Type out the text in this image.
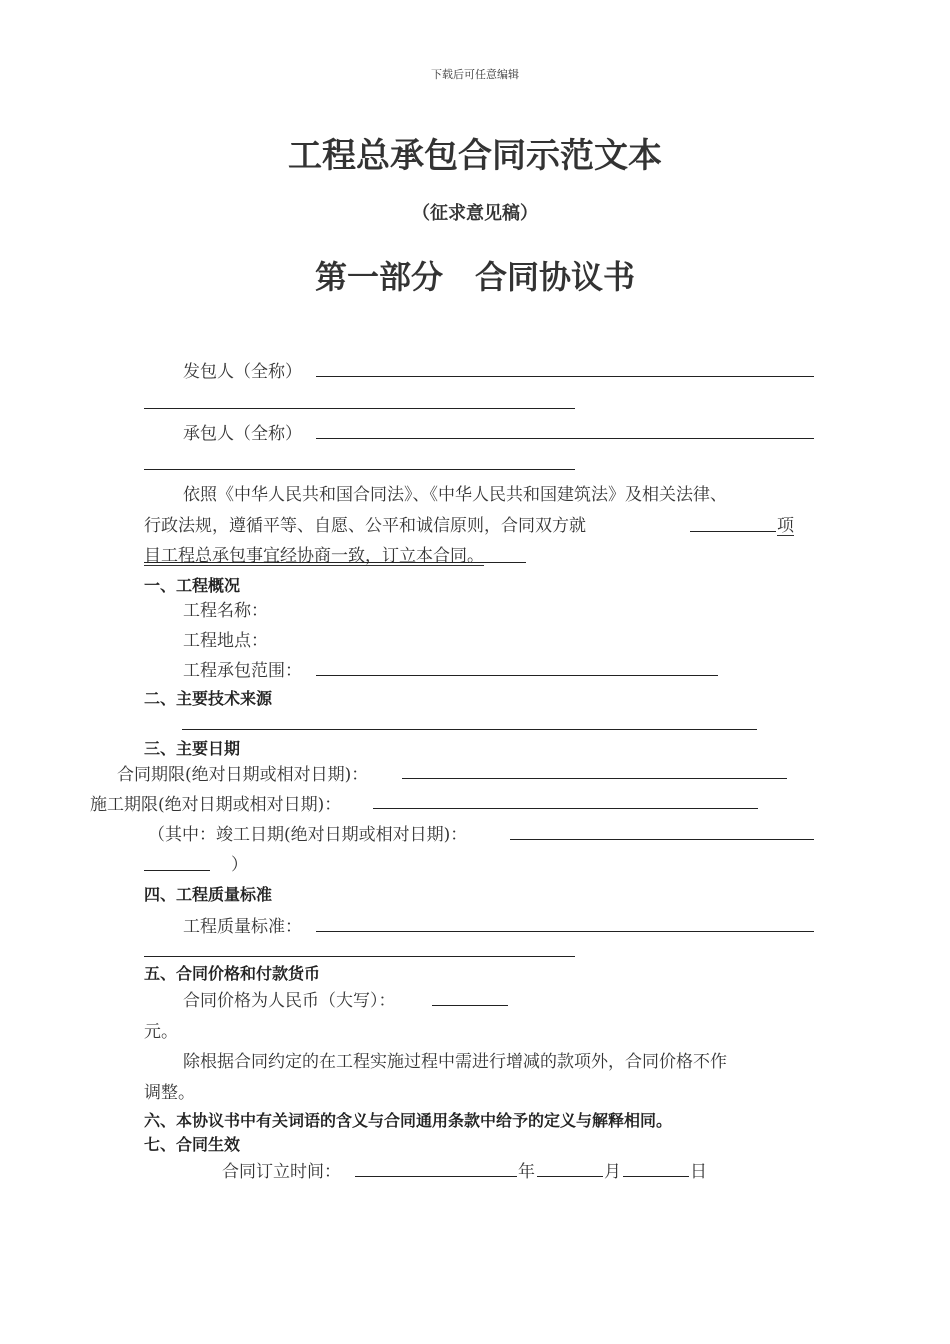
下载后可任意编辑
工程总承包合同示范文本
（征求意见稿）
第一部分　合同协议书
发包人（全称）
承包人（全称）
依照《中华人民共和国合同法》、《中华人民共和国建筑法》及相关法律、
行政法规，遵循平等、自愿、公平和诚信原则，合同双方就	项
目工程总承包事宜经协商一致，订立本合同。
一、工程概况
工程名称：
工程地点：
工程承包范围：
二、主要技术来源
三、主要日期
合同期限(绝对日期或相对日期)：
施工期限(绝对日期或相对日期)：
（其中：竣工日期(绝对日期或相对日期)：
）
四、工程质量标准
工程质量标准：
五、合同价格和付款货币
合同价格为人民币（大写）：
元。
除根据合同约定的在工程实施过程中需进行增减的款项外，合同价格不作
调整。
六、本协议书中有关词语的含义与合同通用条款中给予的定义与解释相同。
七、合同生效
合同订立时间：	年	月	日
